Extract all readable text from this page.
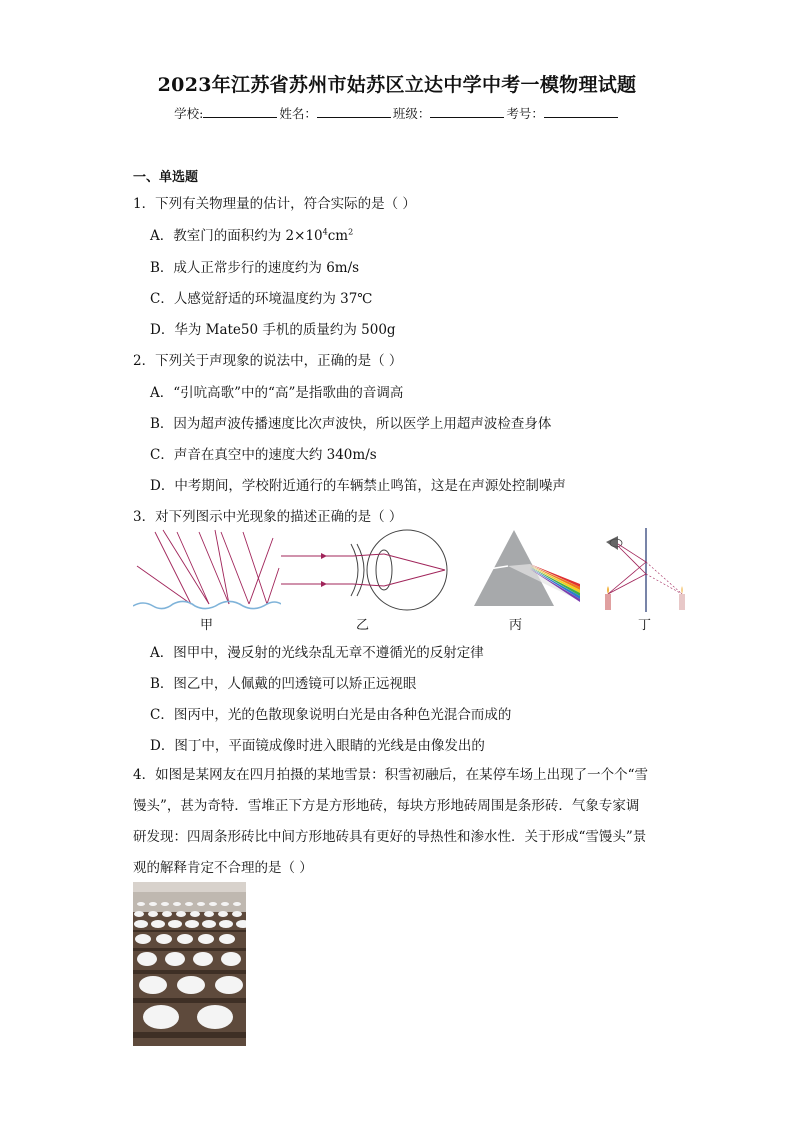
2023年江苏省苏州市姑苏区立达中学中考一模物理试题
学校:	姓名：	班级：	考号：
一、单选题
1．下列有关物理量的估计，符合实际的是（ ）
A．教室门的面积约为 $2\times 10^4cm^2$
B．成人正常步行的速度约为 6m/s
C．人感觉舒适的环境温度约为 37℃
D．华为 Mate50 手机的质量约为 500g
2．下列关于声现象的说法中，正确的是（ ）
A．“引吭高歌”中的“高”是指歌曲的音调高
B．因为超声波传播速度比次声波快，所以医学上用超声波检查身体
C．声音在真空中的速度大约 340m/s
D．中考期间，学校附近通行的车辆禁止鸣笛，这是在声源处控制噪声
3．对下列图示中光现象的描述正确的是（ ）
甲	乙	丙	丁
A．图甲中，漫反射的光线杂乱无章不遵循光的反射定律
B．图乙中，人佩戴的凹透镜可以矫正远视眼
C．图丙中，光的色散现象说明白光是由各种色光混合而成的
D．图丁中，平面镜成像时进入眼睛的光线是由像发出的
4．如图是某网友在四月拍摄的某地雪景：积雪初融后，在某停车场上出现了一个个“雪
馒头”，甚为奇特．雪堆正下方是方形地砖，每块方形地砖周围是条形砖．气象专家调
研发现：四周条形砖比中间方形地砖具有更好的导热性和渗水性．关于形成“雪馒头”景
观的解释肯定不合理的是（ ）
